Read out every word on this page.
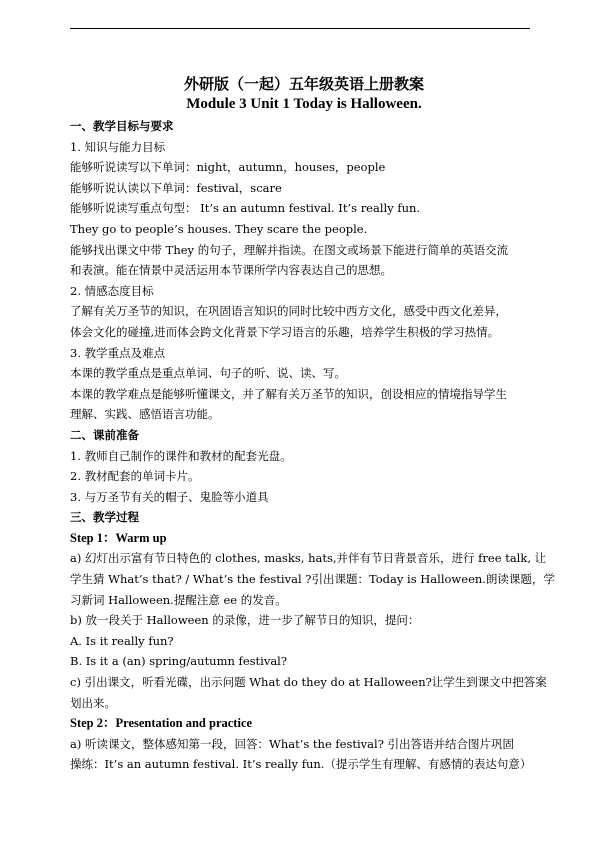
外研版（一起）五年级英语上册教案

Module 3 Unit 1 Today is Halloween.

一、教学目标与要求

1. 知识与能力目标

能够听说读写以下单词：night，autumn，houses，people

能够听说认读以下单词：festival，scare

能够听说读写重点句型： It’s an autumn festival. It’s really fun.

They go to people’s houses. They scare the people.

能够找出课文中带 They 的句子，理解并指读。在图文或场景下能进行简单的英语交流

和表演。能在情景中灵活运用本节课所学内容表达自己的思想。

2. 情感态度目标

了解有关万圣节的知识，在巩固语言知识的同时比较中西方文化，感受中西文化差异，

体会文化的碰撞,进而体会跨文化背景下学习语言的乐趣，培养学生积极的学习热情。

3. 教学重点及难点

本课的教学重点是重点单词、句子的听、说、读、写。

本课的教学难点是能够听懂课文，并了解有关万圣节的知识，创设相应的情境指导学生

理解、实践、感悟语言功能。

二、课前准备

1. 教师自己制作的课件和教材的配套光盘。

2. 教材配套的单词卡片。

3. 与万圣节有关的帽子、鬼脸等小道具

三、教学过程

Step 1：Warm up

a) 幻灯出示富有节日特色的 clothes, masks, hats,并伴有节日背景音乐，进行 free talk, 让

学生猜 What’s that? / What’s the festival ?引出课题：Today is Halloween.朗读课题，学

习新词 Halloween.提醒注意 ee 的发音。

b) 放一段关于 Halloween 的录像，进一步了解节日的知识，提问：

A. Is it really fun?

B. Is it a (an) spring/autumn festival?

c) 引出课文，听看光碟，出示问题 What do they do at Halloween?让学生到课文中把答案

划出来。

Step 2：Presentation and practice

a) 听读课文，整体感知第一段，回答：What’s the festival? 引出答语并结合图片巩固

操练：It’s an autumn festival. It’s really fun.（提示学生有理解、有感情的表达句意）
